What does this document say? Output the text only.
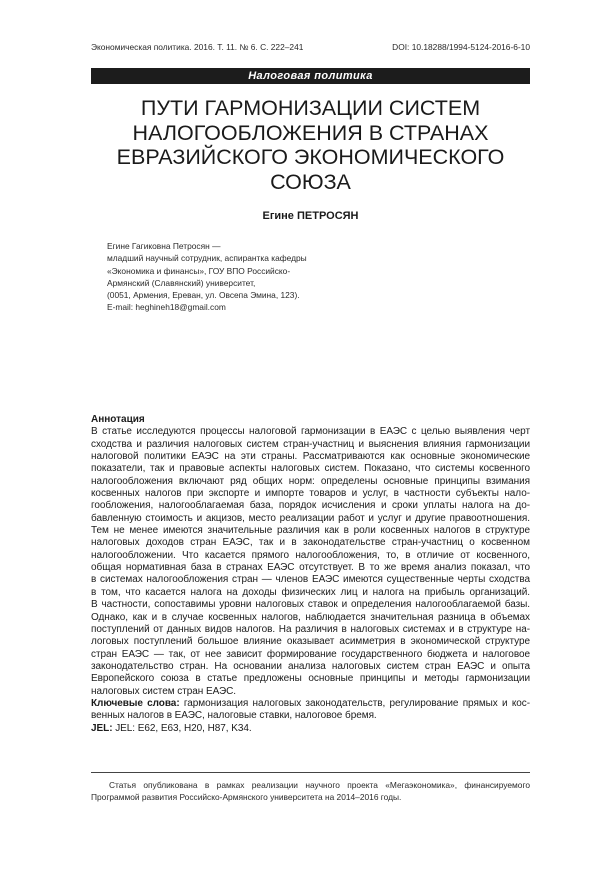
Экономическая политика. 2016. Т. 11. № 6. С. 222–241	DOI: 10.18288/1994-5124-2016-6-10
Налоговая политика
ПУТИ ГАРМОНИЗАЦИИ СИСТЕМ
НАЛОГООБЛОЖЕНИЯ В СТРАНАХ
ЕВРАЗИЙСКОГО ЭКОНОМИЧЕСКОГО
СОЮЗА
Егине ПЕТРОСЯН
Егине Гагиковна Петросян —
младший научный сотрудник, аспирантка кафедры
«Экономика и финансы», ГОУ ВПО Российско-
Армянский (Славянский) университет,
(0051, Армения, Ереван, ул. Овсепа Эмина, 123).
E-mail: heghineh18@gmail.com
Аннотация
В статье исследуются процессы налоговой гармонизации в ЕАЭС с целью выявления черт
сходства и различия налоговых систем стран-участниц и выяснения влияния гармонизации
налоговой политики ЕАЭС на эти страны. Рассматриваются как основные экономические
показатели, так и правовые аспекты налоговых систем. Показано, что системы косвенного
налогообложения включают ряд общих норм: определены основные принципы взимания
косвенных налогов при экспорте и импорте товаров и услуг, в частности субъекты нало-
гообложения, налогооблагаемая база, порядок исчисления и сроки уплаты налога на до-
бавленную стоимость и акцизов, место реализации работ и услуг и другие правоотношения.
Тем не менее имеются значительные различия как в роли косвенных налогов в структуре
налоговых доходов стран ЕАЭС, так и в законодательстве стран-участниц о косвенном
налогообложении. Что касается прямого налогообложения, то, в отличие от косвенного,
общая нормативная база в странах ЕАЭС отсутствует. В то же время анализ показал, что
в системах налогообложения стран — членов ЕАЭС имеются существенные черты сходства
в том, что касается налога на доходы физических лиц и налога на прибыль организаций.
В частности, сопоставимы уровни налоговых ставок и определения налогооблагаемой базы.
Однако, как и в случае косвенных налогов, наблюдается значительная разница в объемах
поступлений от данных видов налогов. На различия в налоговых системах и в структуре на-
логовых поступлений большое влияние оказывает асимметрия в экономической структуре
стран ЕАЭС — так, от нее зависит формирование государственного бюджета и налоговое
законодательство стран. На основании анализа налоговых систем стран ЕАЭС и опыта
Европейского союза в статье предложены основные принципы и методы гармонизации
налоговых систем стран ЕАЭС.
Ключевые слова: гармонизация налоговых законодательств, регулирование прямых и кос-
венных налогов в ЕАЭС, налоговые ставки, налоговое бремя.
JEL: JEL: E62, E63, H20, H87, K34.
Статья опубликована в рамках реализации научного проекта «Мегаэкономика», финансируемого
Программой развития Российско-Армянского университета на 2014–2016 годы.
